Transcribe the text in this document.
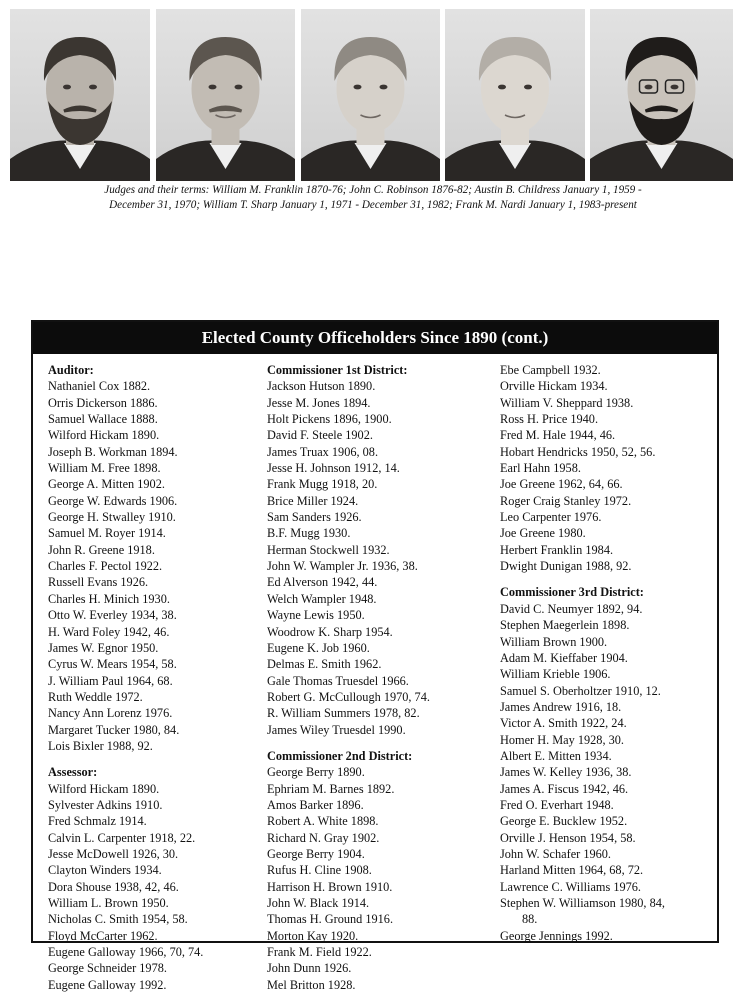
Judges and their terms: William M. Franklin 1870-76; John C. Robinson 1876-82; Austin B. Childress January 1, 1959 -
December 31, 1970; William T. Sharp January 1, 1971 - December 31, 1982; Frank M. Nardi January 1, 1983-present
Elected County Officeholders Since 1890 (cont.)
Auditor:
Nathaniel Cox 1882.
Orris Dickerson 1886.
Samuel Wallace 1888.
Wilford Hickam 1890.
Joseph B. Workman 1894.
William M. Free 1898.
George A. Mitten 1902.
George W. Edwards 1906.
George H. Stwalley 1910.
Samuel M. Royer 1914.
John R. Greene 1918.
Charles F. Pectol 1922.
Russell Evans 1926.
Charles H. Minich 1930.
Otto W. Everley 1934, 38.
H. Ward Foley 1942, 46.
James W. Egnor 1950.
Cyrus W. Mears 1954, 58.
J. William Paul 1964, 68.
Ruth Weddle 1972.
Nancy Ann Lorenz 1976.
Margaret Tucker 1980, 84.
Lois Bixler 1988, 92.
Assessor:
Wilford Hickam 1890.
Sylvester Adkins 1910.
Fred Schmalz 1914.
Calvin L. Carpenter 1918, 22.
Jesse McDowell 1926, 30.
Clayton Winders 1934.
Dora Shouse 1938, 42, 46.
William L. Brown 1950.
Nicholas C. Smith 1954, 58.
Floyd McCarter 1962.
Eugene Galloway 1966, 70, 74.
George Schneider 1978.
Eugene Galloway 1992.
Commissioner 1st District:
Jackson Hutson 1890.
Jesse M. Jones 1894.
Holt Pickens 1896, 1900.
David F. Steele 1902.
James Truax 1906, 08.
Jesse H. Johnson 1912, 14.
Frank Mugg 1918, 20.
Brice Miller 1924.
Sam Sanders 1926.
B.F. Mugg 1930.
Herman Stockwell 1932.
John W. Wampler Jr. 1936, 38.
Ed Alverson 1942, 44.
Welch Wampler 1948.
Wayne Lewis 1950.
Woodrow K. Sharp 1954.
Eugene K. Job 1960.
Delmas E. Smith 1962.
Gale Thomas Truesdel 1966.
Robert G. McCullough 1970, 74.
R. William Summers 1978, 82.
James Wiley Truesdel 1990.
Commissioner 2nd District:
George Berry 1890.
Ephriam M. Barnes 1892.
Amos Barker 1896.
Robert A. White 1898.
Richard N. Gray 1902.
George Berry 1904.
Rufus H. Cline 1908.
Harrison H. Brown 1910.
John W. Black 1914.
Thomas H. Ground 1916.
Morton Kay 1920.
Frank M. Field 1922.
John Dunn 1926.
Mel Britton 1928.
Ebe Campbell 1932.
Orville Hickam 1934.
William V. Sheppard 1938.
Ross H. Price 1940.
Fred M. Hale 1944, 46.
Hobart Hendricks 1950, 52, 56.
Earl Hahn 1958.
Joe Greene 1962, 64, 66.
Roger Craig Stanley 1972.
Leo Carpenter 1976.
Joe Greene 1980.
Herbert Franklin 1984.
Dwight Dunigan 1988, 92.
Commissioner 3rd District:
David C. Neumyer 1892, 94.
Stephen Maegerlein 1898.
William Brown 1900.
Adam M. Kieffaber 1904.
William Krieble 1906.
Samuel S. Oberholtzer 1910, 12.
James Andrew 1916, 18.
Victor A. Smith 1922, 24.
Homer H. May 1928, 30.
Albert E. Mitten 1934.
James W. Kelley 1936, 38.
James A. Fiscus 1942, 46.
Fred O. Everhart 1948.
George E. Bucklew 1952.
Orville J. Henson 1954, 58.
John W. Schafer 1960.
Harland Mitten 1964, 68, 72.
Lawrence C. Williams 1976.
Stephen W. Williamson 1980, 84,
88.
George Jennings 1992.
